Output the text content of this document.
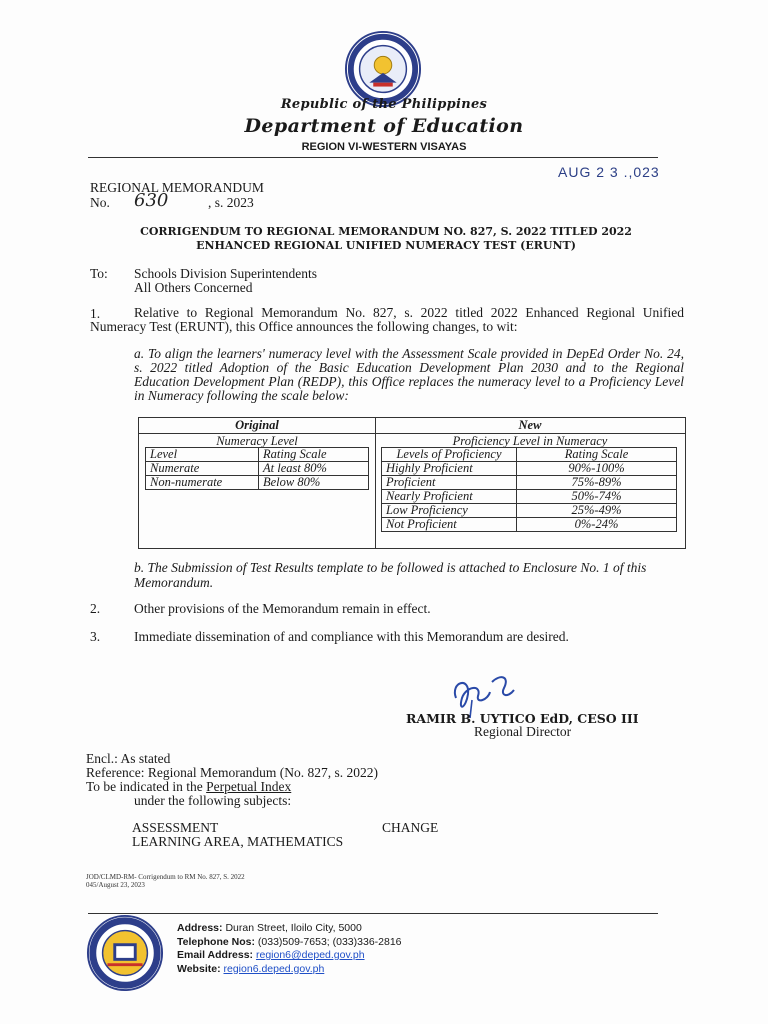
Republic of the Philippines
Department of Education
REGION VI-WESTERN VISAYAS
AUG 2 3 .,023
REGIONAL MEMORANDUM
No. 630	, s. 2023
CORRIGENDUM TO REGIONAL MEMORANDUM NO. 827, S. 2022 TITLED 2022
ENHANCED REGIONAL UNIFIED NUMERACY TEST (ERUNT)
To: Schools Division Superintendents
All Others Concerned
1.	Relative to Regional Memorandum No. 827, s. 2022 titled 2022 Enhanced Regional Unified Numeracy Test (ERUNT), this Office announces the following changes, to wit:
a. To align the learners' numeracy level with the Assessment Scale provided in DepEd Order No. 24, s. 2022 titled Adoption of the Basic Education Development Plan 2030 and to the Regional Education Development Plan (REDP), this Office replaces the numeracy level to a Proficiency Level in Numeracy following the scale below:
Original
Numeracy Level
Level	Rating Scale
Numerate	At least 80%
Non-numerate	Below 80%
New
Proficiency Level in Numeracy
Levels of Proficiency	Rating Scale
Highly Proficient	90%-100%
Proficient	75%-89%
Nearly Proficient	50%-74%
Low Proficiency	25%-49%
Not Proficient	0%-24%
b. The Submission of Test Results template to be followed is attached to Enclosure No. 1 of this Memorandum.
2.	Other provisions of the Memorandum remain in effect.
3.	Immediate dissemination of and compliance with this Memorandum are desired.
RAMIR B. UYTICO EdD, CESO III
Regional Director
Encl.: As stated
Reference: Regional Memorandum (No. 827, s. 2022)
To be indicated in the Perpetual Index
under the following subjects:
ASSESSMENT
LEARNING AREA, MATHEMATICS
CHANGE
JOD/CLMD-RM- Corrigendum to RM No. 827, S. 2022
045/August 23, 2023
Address: Duran Street, Iloilo City, 5000
Telephone Nos: (033)509-7653; (033)336-2816
Email Address: region6@deped.gov.ph
Website: region6.deped.gov.ph
